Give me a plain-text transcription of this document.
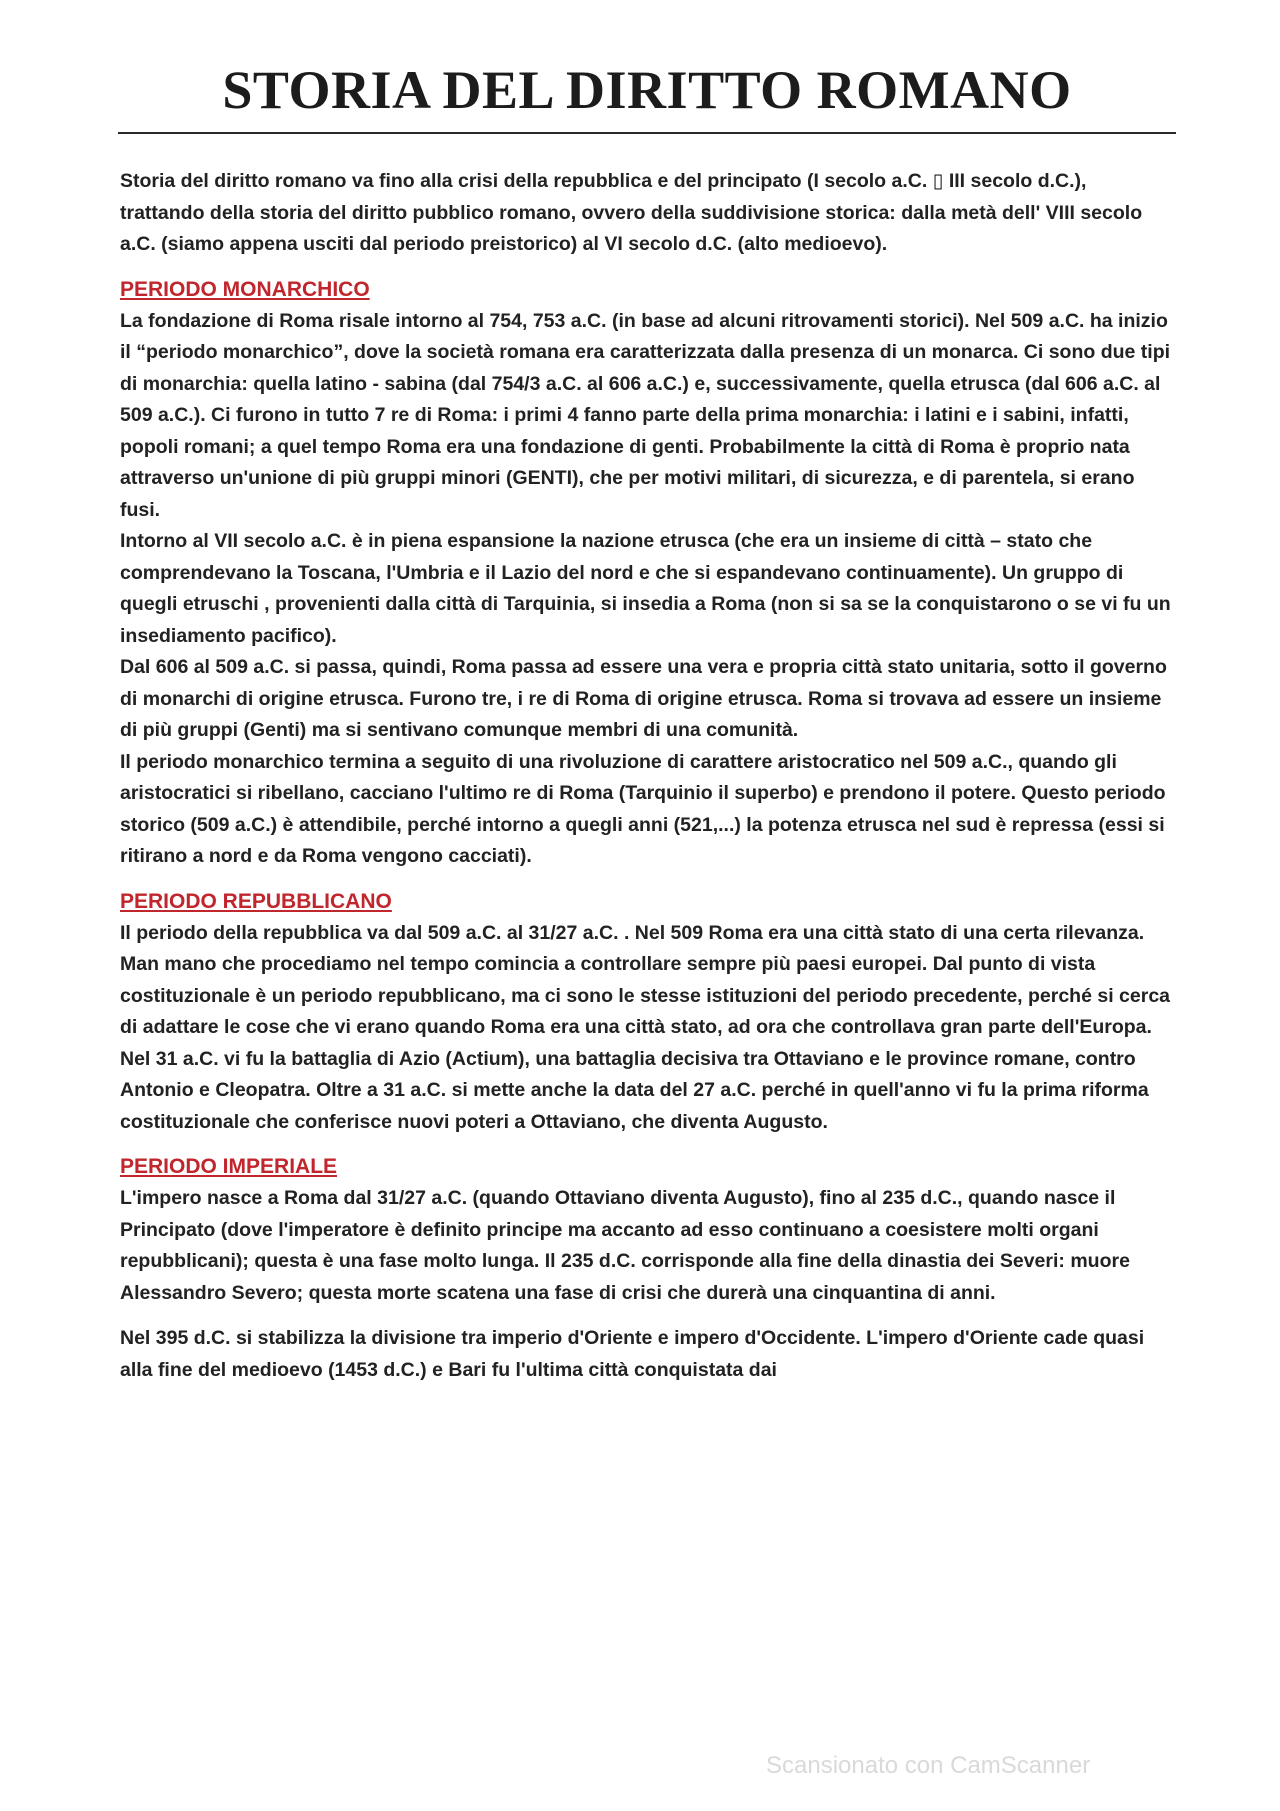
STORIA DEL DIRITTO ROMANO

Storia del diritto romano va fino alla crisi della repubblica e del principato (I secolo a.C. ▯ III secolo d.C.), trattando della storia del diritto pubblico romano, ovvero della suddivisione storica: dalla metà dell' VIII secolo a.C. (siamo appena usciti dal periodo preistorico) al VI secolo d.C. (alto medioevo).

PERIODO MONARCHICO

La fondazione di Roma risale intorno al 754, 753 a.C. (in base ad alcuni ritrovamenti storici). Nel 509 a.C. ha inizio il “periodo monarchico”, dove la società romana era caratterizzata dalla presenza di un monarca. Ci sono due tipi di monarchia: quella latino - sabina (dal 754/3 a.C. al 606 a.C.) e, successivamente, quella etrusca (dal 606 a.C. al 509 a.C.). Ci furono in tutto 7 re di Roma: i primi 4 fanno parte della prima monarchia: i latini e i sabini, infatti, popoli romani; a quel tempo Roma era una fondazione di genti. Probabilmente la città di Roma è proprio nata attraverso un'unione di più gruppi minori (GENTI), che per motivi militari, di sicurezza, e di parentela, si erano fusi.

Intorno al VII secolo a.C. è in piena espansione la nazione etrusca (che era un insieme di città – stato che comprendevano la Toscana, l'Umbria e il Lazio del nord e che si espandevano continuamente). Un gruppo di quegli etruschi , provenienti dalla città di Tarquinia, si insedia a Roma (non si sa se la conquistarono o se vi fu un insediamento pacifico).

Dal 606 al 509 a.C. si passa, quindi, Roma passa ad essere una vera e propria città stato unitaria, sotto il governo di monarchi di origine etrusca. Furono tre, i re di Roma di origine etrusca. Roma si trovava ad essere un insieme di più gruppi (Genti) ma si sentivano comunque membri di una comunità.

Il periodo monarchico termina a seguito di una rivoluzione di carattere aristocratico nel 509 a.C., quando gli aristocratici si ribellano, cacciano l'ultimo re di Roma (Tarquinio il superbo) e prendono il potere. Questo periodo storico (509 a.C.) è attendibile, perché intorno a quegli anni (521,...) la potenza etrusca nel sud è repressa (essi si ritirano a nord e da Roma vengono cacciati).

PERIODO REPUBBLICANO

Il periodo della repubblica va dal 509 a.C. al 31/27 a.C. . Nel 509 Roma era una città stato di una certa rilevanza. Man mano che procediamo nel tempo comincia a controllare sempre più paesi europei. Dal punto di vista costituzionale è un periodo repubblicano, ma ci sono le stesse istituzioni del periodo precedente, perché si cerca di adattare le cose che vi erano quando Roma era una città stato, ad ora che controllava gran parte dell'Europa. Nel 31 a.C. vi fu la battaglia di Azio (Actium), una battaglia decisiva tra Ottaviano e le province romane, contro Antonio e Cleopatra. Oltre a 31 a.C. si mette anche la data del 27 a.C. perché in quell'anno vi fu la prima riforma costituzionale che conferisce nuovi poteri a Ottaviano, che diventa Augusto.

PERIODO IMPERIALE

L'impero nasce a Roma dal 31/27 a.C. (quando Ottaviano diventa Augusto), fino al 235 d.C., quando nasce il Principato (dove l'imperatore è definito principe ma accanto ad esso continuano a coesistere molti organi repubblicani); questa è una fase molto lunga. Il 235 d.C. corrisponde alla fine della dinastia dei Severi: muore Alessandro Severo; questa morte scatena una fase di crisi che durerà una cinquantina di anni.

Nel 395 d.C. si stabilizza la divisione tra imperio d'Oriente e impero d'Occidente. L'impero d'Oriente cade quasi alla fine del medioevo (1453 d.C.) e Bari fu l'ultima città conquistata dai

Scansionato con CamScanner
